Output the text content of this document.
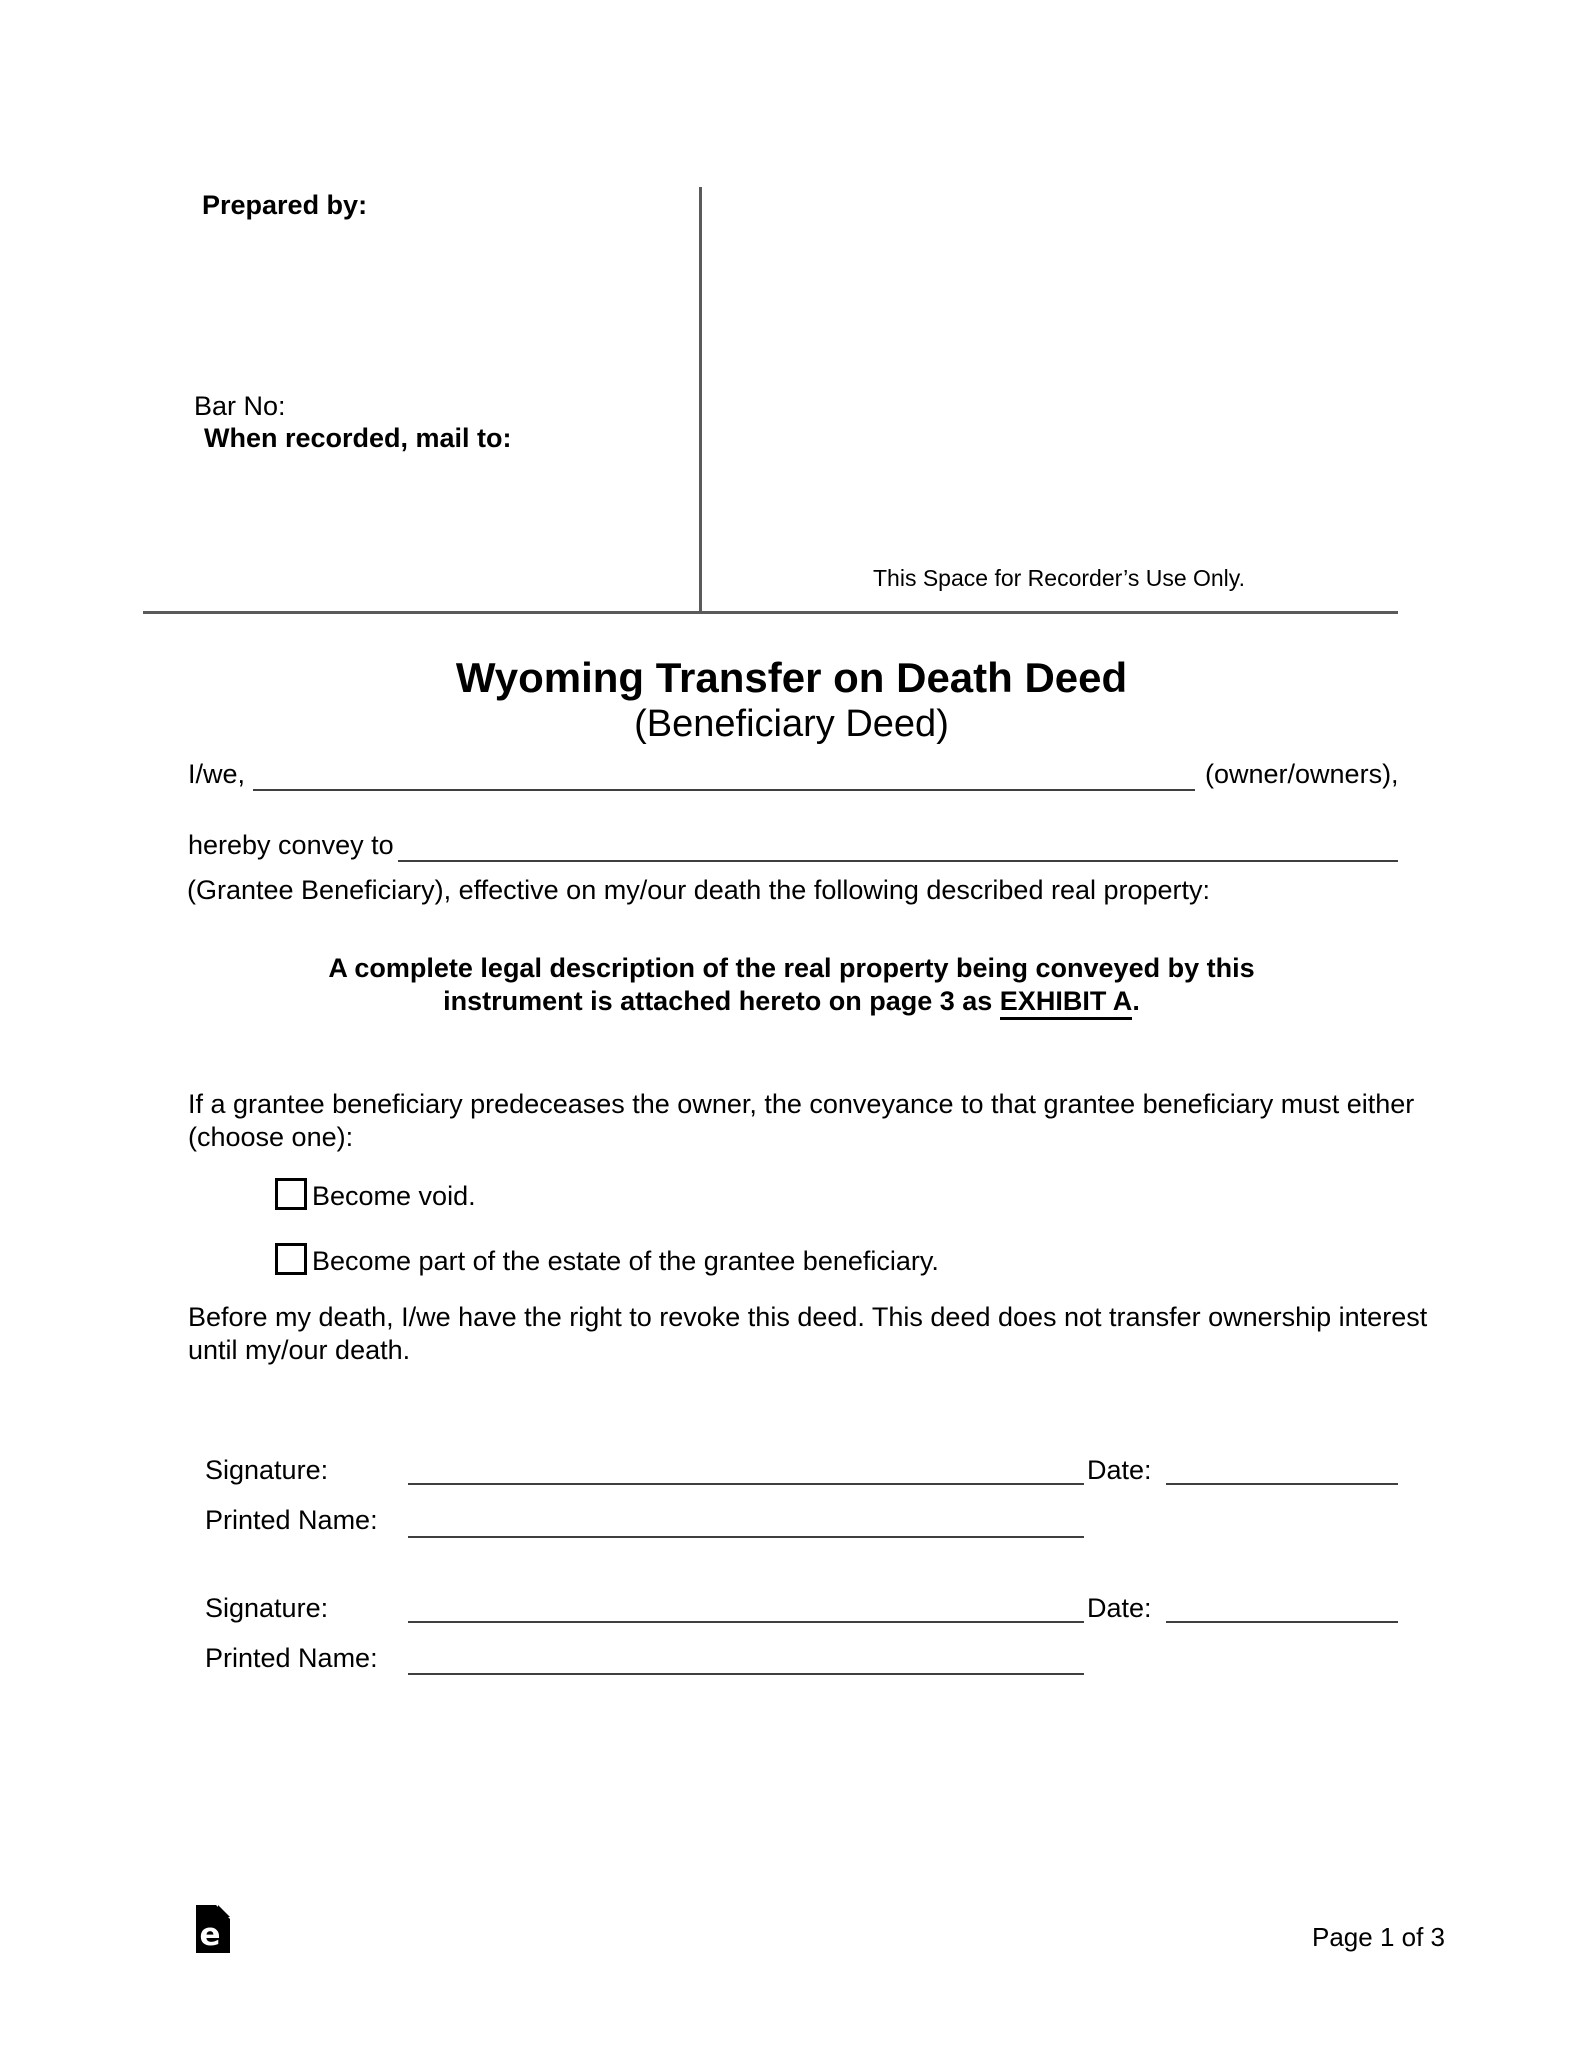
Prepared by:
Bar No:
When recorded, mail to:
This Space for Recorder’s Use Only.
Wyoming Transfer on Death Deed
(Beneficiary Deed)
I/we,	(owner/owners),
hereby convey to
(Grantee Beneficiary), effective on my/our death the following described real property:
A complete legal description of the real property being conveyed by this
instrument is attached hereto on page 3 as EXHIBIT A.
If a grantee beneficiary predeceases the owner, the conveyance to that grantee beneficiary must either
(choose one):
Become void.
Become part of the estate of the grantee beneficiary.
Before my death, I/we have the right to revoke this deed. This deed does not transfer ownership interest
until my/our death.
Signature:	Date:
Printed Name:
Signature:	Date:
Printed Name:
e	Page 1 of 3
